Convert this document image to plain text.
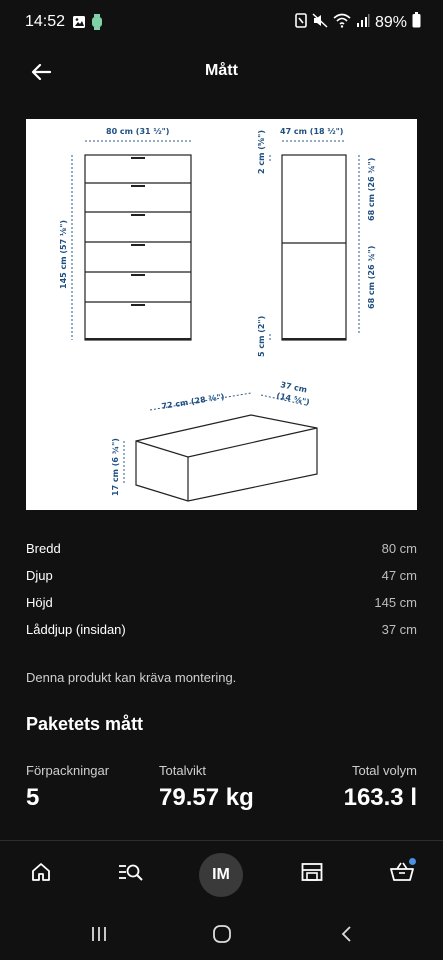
14:52	89%
Mått
80 cm (31 ½")	47 cm (18 ½")
145 cm (57 ⅛")
2 cm (⅝")
68 cm (26 ¾")
68 cm (26 ¾")
5 cm (2")
72 cm (28 ⅜")
37 cm
(14 ⅝")
17 cm (6 ¾")
Bredd	80 cm
Djup	47 cm
Höjd	145 cm
Låddjup (insidan)	37 cm
Denna produkt kan kräva montering.
Paketets mått
Förpackningar
5
Totalvikt
79.57 kg
Total volym
163.3 l
IM
